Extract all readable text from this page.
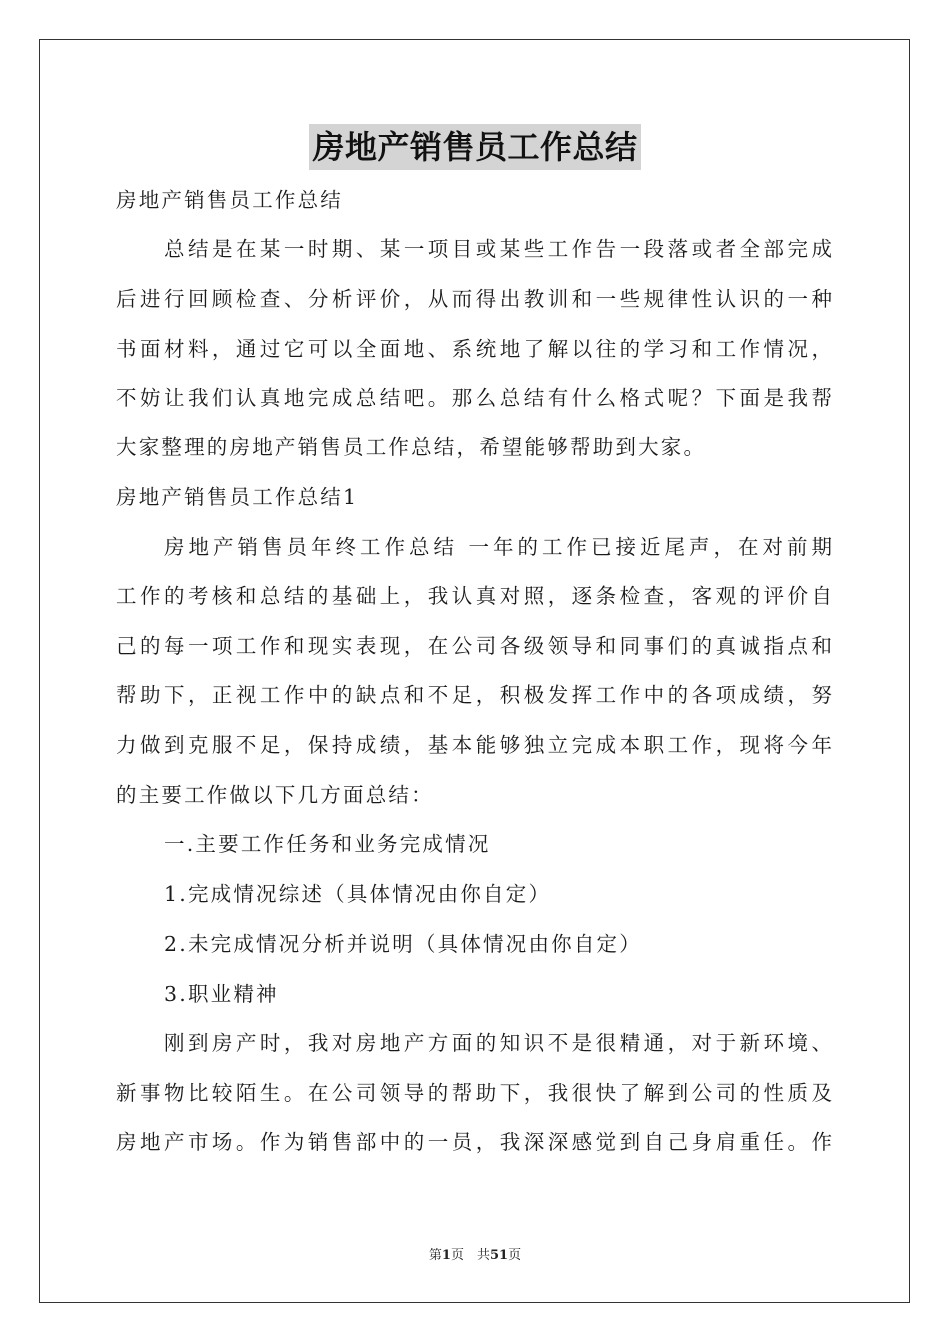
房地产销售员工作总结
房地产销售员工作总结
总结是在某一时期、某一项目或某些工作告一段落或者全部完成
后进行回顾检查、分析评价，从而得出教训和一些规律性认识的一种
书面材料，通过它可以全面地、系统地了解以往的学习和工作情况，
不妨让我们认真地完成总结吧。那么总结有什么格式呢？下面是我帮
大家整理的房地产销售员工作总结，希望能够帮助到大家。
房地产销售员工作总结1
房地产销售员年终工作总结 一年的工作已接近尾声，在对前期
工作的考核和总结的基础上，我认真对照，逐条检查，客观的评价自
己的每一项工作和现实表现，在公司各级领导和同事们的真诚指点和
帮助下，正视工作中的缺点和不足，积极发挥工作中的各项成绩，努
力做到克服不足，保持成绩，基本能够独立完成本职工作，现将今年
的主要工作做以下几方面总结：
一.主要工作任务和业务完成情况
1.完成情况综述（具体情况由你自定）
2.未完成情况分析并说明（具体情况由你自定）
3.职业精神
刚到房产时，我对房地产方面的知识不是很精通，对于新环境、
新事物比较陌生。在公司领导的帮助下，我很快了解到公司的性质及
房地产市场。作为销售部中的一员，我深深感觉到自己身肩重任。作
第1页　共51页
